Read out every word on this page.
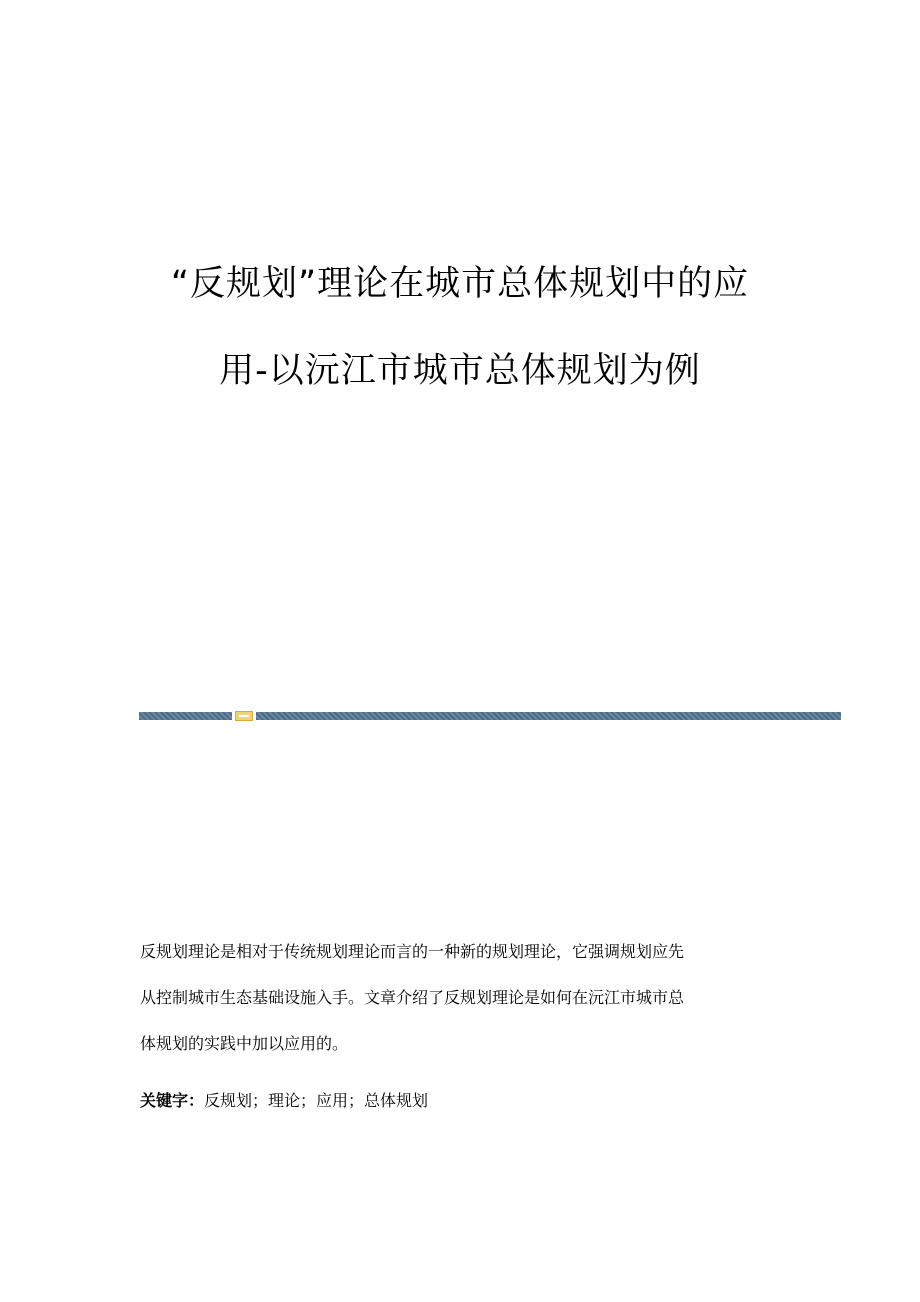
“反规划”理论在城市总体规划中的应
用-以沅江市城市总体规划为例
反规划理论是相对于传统规划理论而言的一种新的规划理论，它强调规划应先
从控制城市生态基础设施入手。文章介绍了反规划理论是如何在沅江市城市总
体规划的实践中加以应用的。
关键字：反规划；理论；应用；总体规划
